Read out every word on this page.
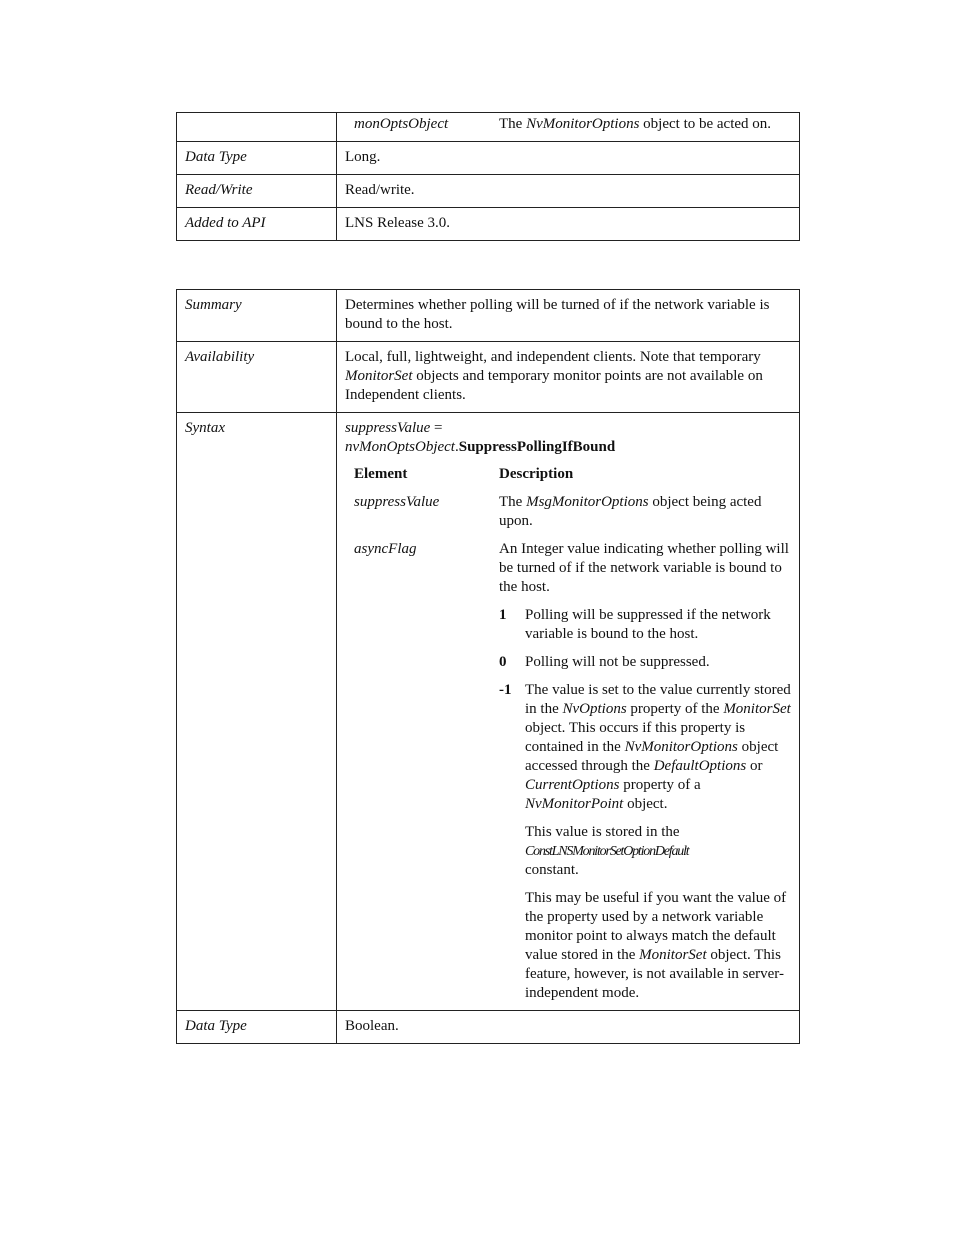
monOptsObject	The NvMonitorOptions object to be acted on.
Data Type	Long.
Read/Write	Read/write.
Added to API	LNS Release 3.0.
Summary	Determines whether polling will be turned of if the network variable is bound to the host.
Availability	Local, full, lightweight, and independent clients. Note that temporary MonitorSet objects and temporary monitor points are not available on Independent clients.
Syntax	suppressValue =
nvMonOptsObject.SuppressPollingIfBound
Element	Description
suppressValue	The MsgMonitorOptions object being acted upon.
asyncFlag	An Integer value indicating whether polling will be turned of if the network variable is bound to the host.
1	Polling will be suppressed if the network variable is bound to the host.
0	Polling will not be suppressed.
-1 The value is set to the value currently stored in the NvOptions property of the MonitorSet object. This occurs if this property is contained in the NvMonitorOptions object accessed through the DefaultOptions or CurrentOptions property of a NvMonitorPoint object.
This value is stored in the
ConstLNSMonitorSetOptionDefault
constant.
This may be useful if you want the value of the property used by a network variable monitor point to always match the default value stored in the MonitorSet object. This feature, however, is not available in server-independent mode.
Data Type	Boolean.
